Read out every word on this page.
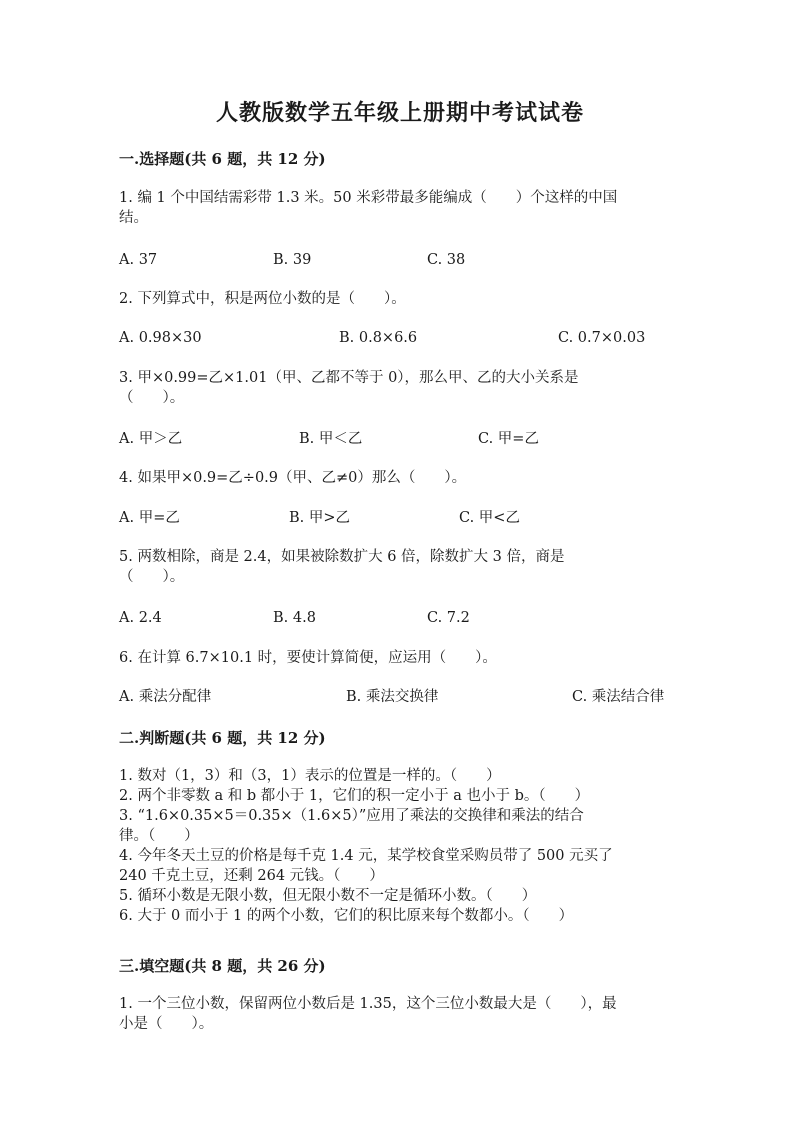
人教版数学五年级上册期中考试试卷
一.选择题(共 6 题，共 12 分)
1. 编 1 个中国结需彩带 1.3 米。50 米彩带最多能编成（　　）个这样的中国
结。
A. 37	B. 39	C. 38
2. 下列算式中，积是两位小数的是（　　）。
A. 0.98×30	B. 0.8×6.6	C. 0.7×0.03
3. 甲×0.99=乙×1.01（甲、乙都不等于 0），那么甲、乙的大小关系是
（　　）。
A. 甲＞乙	B. 甲＜乙	C. 甲=乙
4. 如果甲×0.9=乙÷0.9（甲、乙≠0）那么（　　）。
A. 甲=乙	B. 甲>乙	C. 甲<乙
5. 两数相除，商是 2.4，如果被除数扩大 6 倍，除数扩大 3 倍，商是
（　　）。
A. 2.4	B. 4.8	C. 7.2
6. 在计算 6.7×10.1 时，要使计算简便，应运用（　　）。
A. 乘法分配律	B. 乘法交换律	C. 乘法结合律
二.判断题(共 6 题，共 12 分)
1. 数对（1，3）和（3，1）表示的位置是一样的。（　　）
2. 两个非零数 a 和 b 都小于 1，它们的积一定小于 a 也小于 b。（　　）
3. “1.6×0.35×5＝0.35×（1.6×5）”应用了乘法的交换律和乘法的结合
律。（　　）
4. 今年冬天土豆的价格是每千克 1.4 元，某学校食堂采购员带了 500 元买了
240 千克土豆，还剩 264 元钱。（　　）
5. 循环小数是无限小数，但无限小数不一定是循环小数。（　　）
6. 大于 0 而小于 1 的两个小数，它们的积比原来每个数都小。（　　）
三.填空题(共 8 题，共 26 分)
1. 一个三位小数，保留两位小数后是 1.35，这个三位小数最大是（　　），最
小是（　　）。
